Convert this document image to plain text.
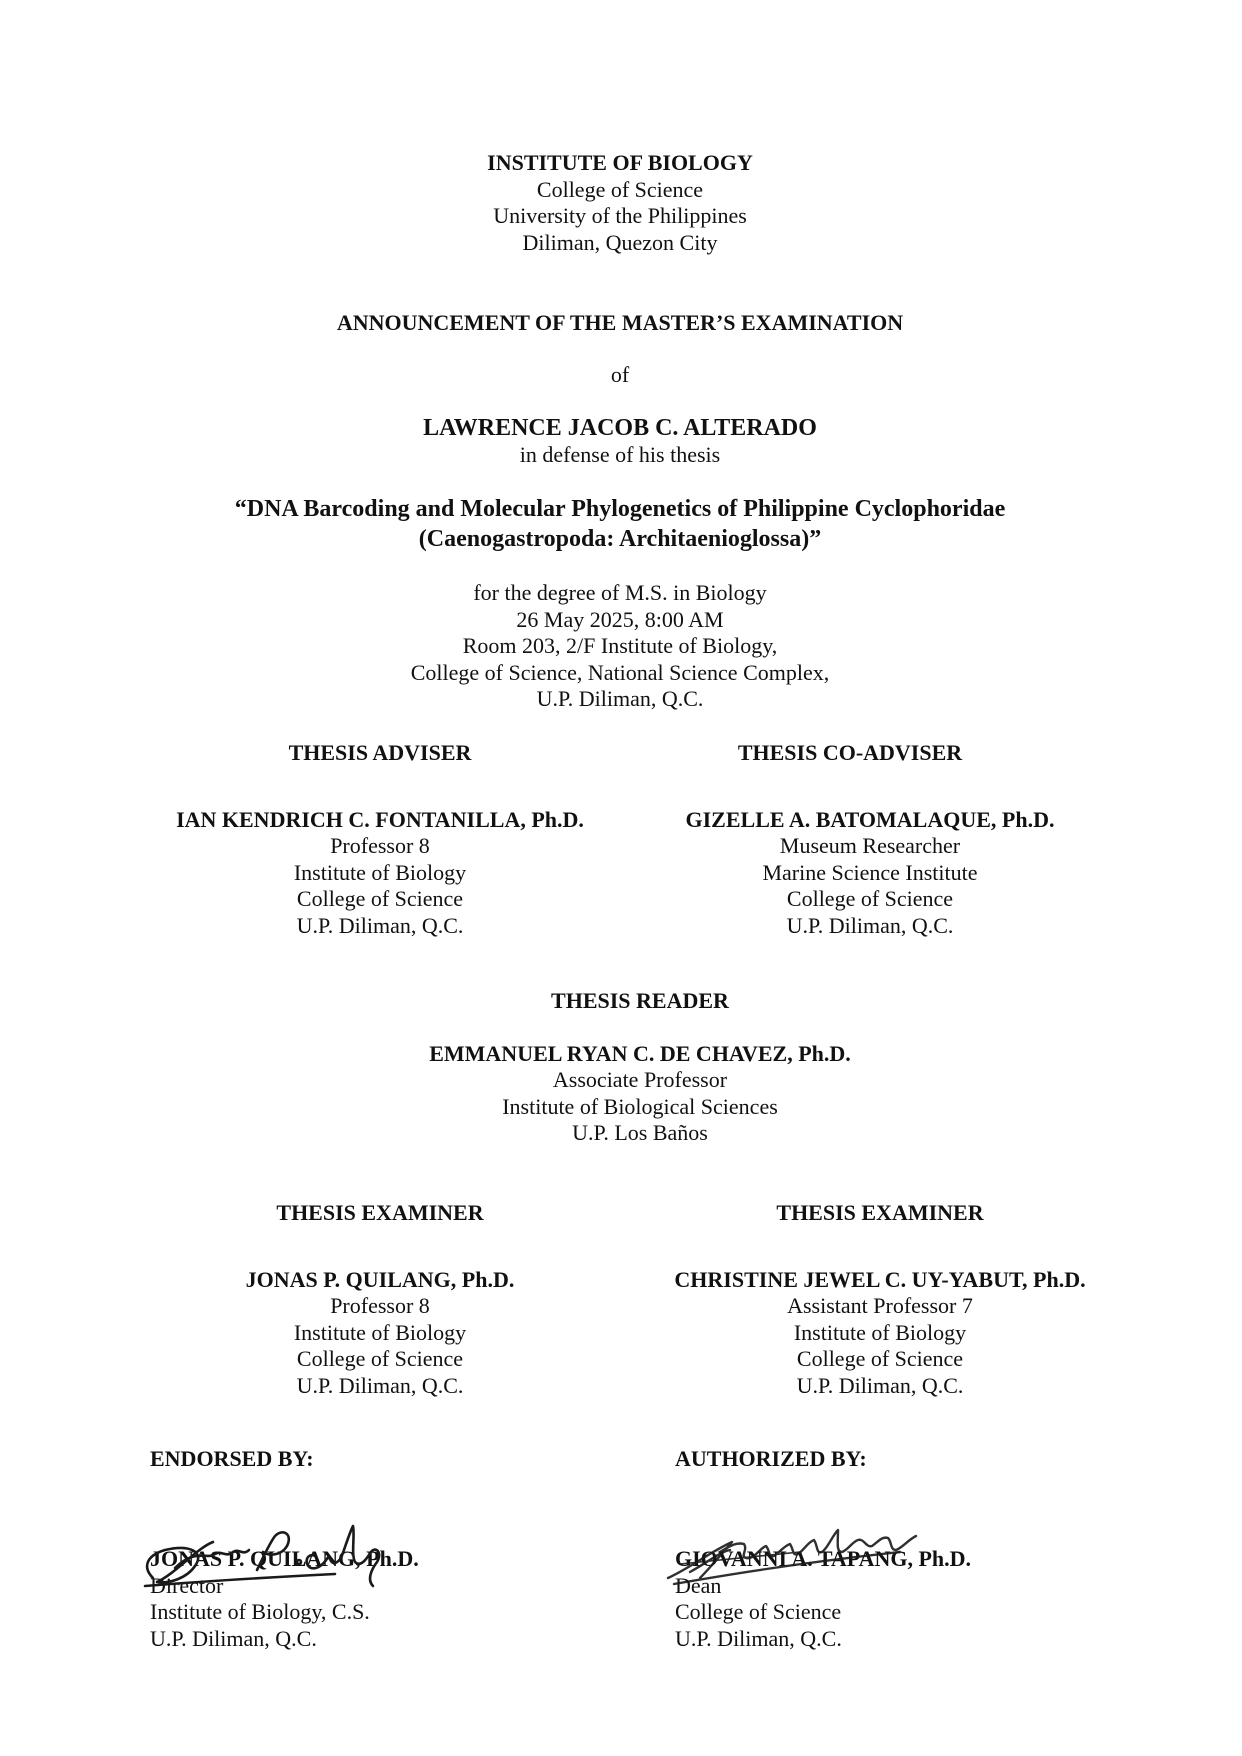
INSTITUTE OF BIOLOGY
College of Science
University of the Philippines
Diliman, Quezon City
ANNOUNCEMENT OF THE MASTER’S EXAMINATION
of
LAWRENCE JACOB C. ALTERADO
in defense of his thesis
“DNA Barcoding and Molecular Phylogenetics of Philippine Cyclophoridae
(Caenogastropoda: Architaenioglossa)”
for the degree of M.S. in Biology
26 May 2025, 8:00 AM
Room 203, 2/F Institute of Biology,
College of Science, National Science Complex,
U.P. Diliman, Q.C.
THESIS ADVISER
IAN KENDRICH C. FONTANILLA, Ph.D.
Professor 8
Institute of Biology
College of Science
U.P. Diliman, Q.C.
THESIS CO-ADVISER
GIZELLE A. BATOMALAQUE, Ph.D.
Museum Researcher
Marine Science Institute
College of Science
U.P. Diliman, Q.C.
THESIS READER
EMMANUEL RYAN C. DE CHAVEZ, Ph.D.
Associate Professor
Institute of Biological Sciences
U.P. Los Baños
THESIS EXAMINER
JONAS P. QUILANG, Ph.D.
Professor 8
Institute of Biology
College of Science
U.P. Diliman, Q.C.
THESIS EXAMINER
CHRISTINE JEWEL C. UY-YABUT, Ph.D.
Assistant Professor 7
Institute of Biology
College of Science
U.P. Diliman, Q.C.
ENDORSED BY:
JONAS P. QUILANG, Ph.D.
Director
Institute of Biology, C.S.
U.P. Diliman, Q.C.
AUTHORIZED BY:
GIOVANNI A. TAPANG, Ph.D.
Dean
College of Science
U.P. Diliman, Q.C.
